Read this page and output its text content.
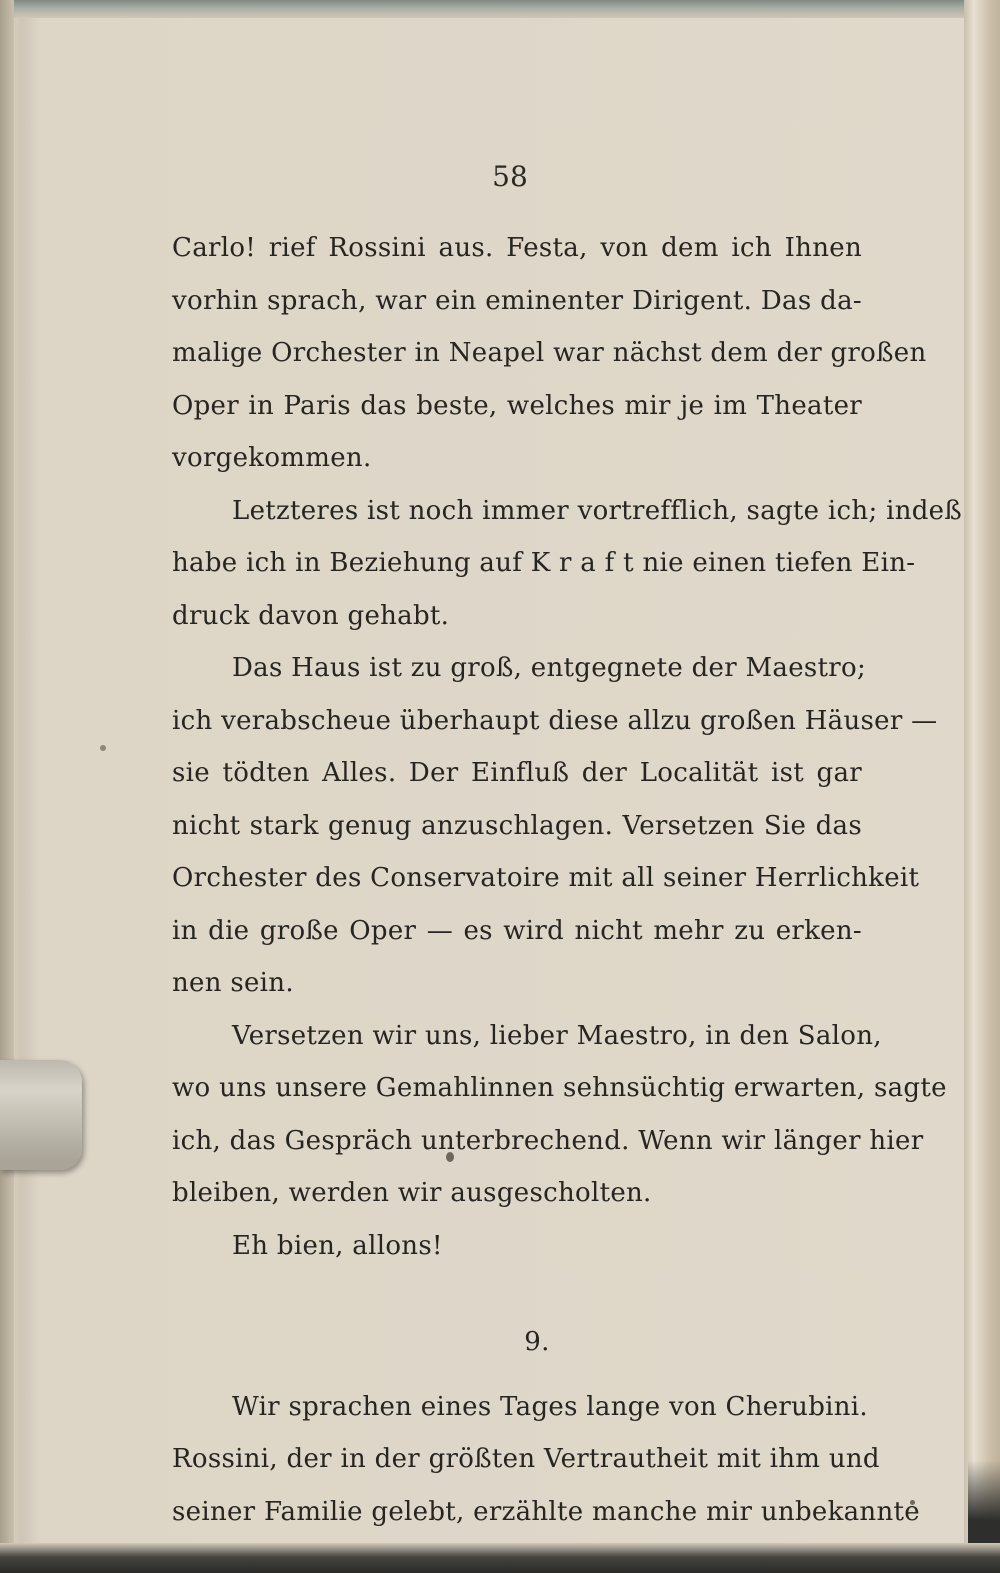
58
Carlo! rief Rossini aus. Festa, von dem ich Ihnen
vorhin sprach, war ein eminenter Dirigent. Das da-
malige Orchester in Neapel war nächst dem der großen
Oper in Paris das beste, welches mir je im Theater
vorgekommen.
Letzteres ist noch immer vortrefflich, sagte ich; indeß
habe ich in Beziehung auf K r a f t nie einen tiefen Ein-
druck davon gehabt.
Das Haus ist zu groß, entgegnete der Maestro;
ich verabscheue überhaupt diese allzu großen Häuser —
sie tödten Alles. Der Einfluß der Localität ist gar
nicht stark genug anzuschlagen. Versetzen Sie das
Orchester des Conservatoire mit all seiner Herrlichkeit
in die große Oper — es wird nicht mehr zu erken-
nen sein.
Versetzen wir uns, lieber Maestro, in den Salon,
wo uns unsere Gemahlinnen sehnsüchtig erwarten, sagte
ich, das Gespräch unterbrechend. Wenn wir länger hier
bleiben, werden wir ausgescholten.
Eh bien, allons!
9.
Wir sprachen eines Tages lange von Cherubini.
Rossini, der in der größten Vertrautheit mit ihm und
seiner Familie gelebt, erzählte manche mir unbekannte
